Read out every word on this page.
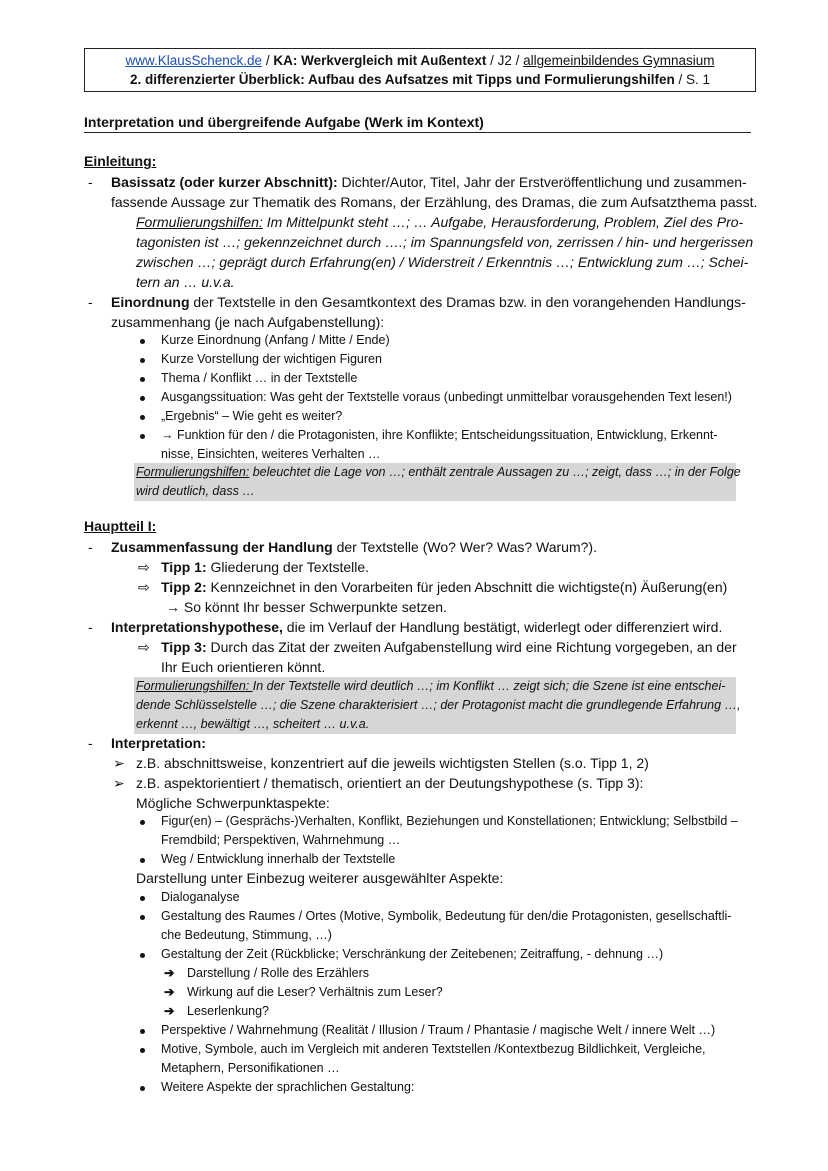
www.KlausSchenck.de / KA: Werkvergleich mit Außentext / J2 / allgemeinbildendes Gymnasium
2. differenzierter Überblick: Aufbau des Aufsatzes mit Tipps und Formulierungshilfen / S. 1
Interpretation und übergreifende Aufgabe (Werk im Kontext)
Einleitung:
- Basissatz (oder kurzer Abschnitt): Dichter/Autor, Titel, Jahr der Erstveröffentlichung und zusammen-
fassende Aussage zur Thematik des Romans, der Erzählung, des Dramas, die zum Aufsatzthema passt.
Formulierungshilfen: Im Mittelpunkt steht …; … Aufgabe, Herausforderung, Problem, Ziel des Pro-
tagonisten ist …; gekennzeichnet durch ….; im Spannungsfeld von, zerrissen / hin- und hergerissen
zwischen …; geprägt durch Erfahrung(en) / Widerstreit / Erkenntnis …; Entwicklung zum …; Schei-
tern an … u.v.a.
- Einordnung der Textstelle in den Gesamtkontext des Dramas bzw. in den vorangehenden Handlungs-
zusammenhang (je nach Aufgabenstellung):
Kurze Einordnung (Anfang / Mitte / Ende)
Kurze Vorstellung der wichtigen Figuren
Thema / Konflikt … in der Textstelle
Ausgangssituation: Was geht der Textstelle voraus (unbedingt unmittelbar vorausgehenden Text lesen!)
„Ergebnis“ – Wie geht es weiter?
→ Funktion für den / die Protagonisten, ihre Konflikte; Entscheidungssituation, Entwicklung, Erkennt-
nisse, Einsichten, weiteres Verhalten …
Formulierungshilfen: beleuchtet die Lage von …; enthält zentrale Aussagen zu …; zeigt, dass …; in der Folge
wird deutlich, dass …
Hauptteil I:
- Zusammenfassung der Handlung der Textstelle (Wo? Wer? Was? Warum?).
⇨ Tipp 1: Gliederung der Textstelle.
⇨ Tipp 2: Kennzeichnet in den Vorarbeiten für jeden Abschnitt die wichtigste(n) Äußerung(en)
→ So könnt Ihr besser Schwerpunkte setzen.
- Interpretationshypothese, die im Verlauf der Handlung bestätigt, widerlegt oder differenziert wird.
⇨ Tipp 3: Durch das Zitat der zweiten Aufgabenstellung wird eine Richtung vorgegeben, an der
Ihr Euch orientieren könnt.
Formulierungshilfen: In der Textstelle wird deutlich …; im Konflikt … zeigt sich; die Szene ist eine entschei-
dende Schlüsselstelle …; die Szene charakterisiert …; der Protagonist macht die grundlegende Erfahrung …,
erkennt …, bewältigt …, scheitert … u.v.a.
- Interpretation:
➢ z.B. abschnittsweise, konzentriert auf die jeweils wichtigsten Stellen (s.o. Tipp 1, 2)
➢ z.B. aspektorientiert / thematisch, orientiert an der Deutungshypothese (s. Tipp 3):
Mögliche Schwerpunktaspekte:
Figur(en) – (Gesprächs-)Verhalten, Konflikt, Beziehungen und Konstellationen; Entwicklung; Selbstbild –
Fremdbild; Perspektiven, Wahrnehmung …
Weg / Entwicklung innerhalb der Textstelle
Darstellung unter Einbezug weiterer ausgewählter Aspekte:
Dialoganalyse
Gestaltung des Raumes / Ortes (Motive, Symbolik, Bedeutung für den/die Protagonisten, gesellschaftli-
che Bedeutung, Stimmung, …)
Gestaltung der Zeit (Rückblicke; Verschränkung der Zeitebenen; Zeitraffung, - dehnung …)
➔ Darstellung / Rolle des Erzählers
➔ Wirkung auf die Leser? Verhältnis zum Leser?
➔ Leserlenkung?
Perspektive / Wahrnehmung (Realität / Illusion / Traum / Phantasie / magische Welt / innere Welt …)
Motive, Symbole, auch im Vergleich mit anderen Textstellen /Kontextbezug Bildlichkeit, Vergleiche,
Metaphern, Personifikationen …
Weitere Aspekte der sprachlichen Gestaltung:
